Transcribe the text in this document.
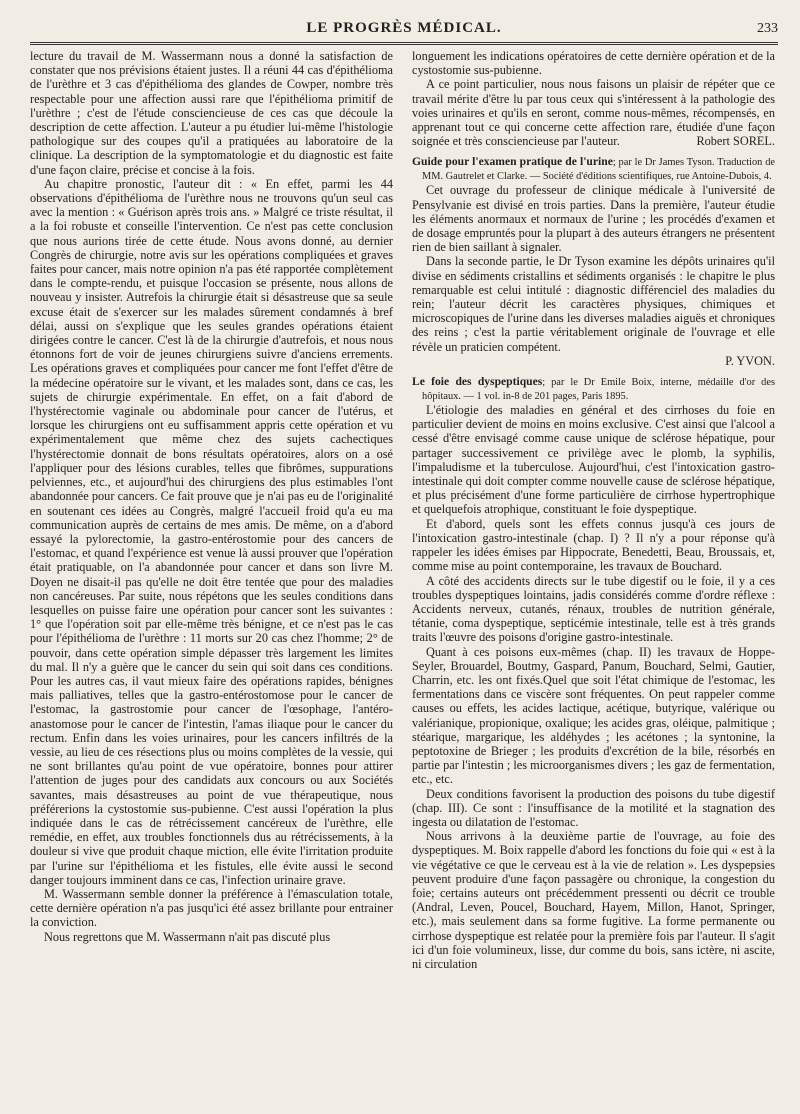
LE PROGRÈS MÉDICAL.	233

lecture du travail de M. Wassermann nous a donné la satisfaction de constater que nos prévisions étaient justes. Il a réuni 44 cas d'épithélioma de l'urèthre et 3 cas d'épithélioma des glandes de Cowper, nombre très respectable pour une affection aussi rare que l'épithélioma primitif de l'urèthre ; c'est de l'étude consciencieuse de ces cas que découle la description de cette affection. L'auteur a pu étudier lui-même l'histologie pathologique sur des coupes qu'il a pratiquées au laboratoire de la clinique. La description de la symptomatologie et du diagnostic est faite d'une façon claire, précise et concise à la fois.

Au chapitre pronostic, l'auteur dit : « En effet, parmi les 44 observations d'épithélioma de l'urèthre nous ne trouvons qu'un seul cas avec la mention : « Guérison après trois ans. » Malgré ce triste résultat, il a la foi robuste et conseille l'intervention. Ce n'est pas cette conclusion que nous aurions tirée de cette étude. Nous avons donné, au dernier Congrès de chirurgie, notre avis sur les opérations compliquées et graves faites pour cancer, mais notre opinion n'a pas été rapportée complètement dans le compte-rendu, et puisque l'occasion se présente, nous allons de nouveau y insister. Autrefois la chirurgie était si désastreuse que sa seule excuse était de s'exercer sur les malades sûrement condamnés à bref délai, aussi on s'explique que les seules grandes opérations étaient dirigées contre le cancer. C'est là de la chirurgie d'autrefois, et nous nous étonnons fort de voir de jeunes chirurgiens suivre d'anciens errements. Les opérations graves et compliquées pour cancer me font l'effet d'être de la médecine opératoire sur le vivant, et les malades sont, dans ce cas, les sujets de chirurgie expérimentale. En effet, on a fait d'abord de l'hystérectomie vaginale ou abdominale pour cancer de l'utérus, et lorsque les chirurgiens ont eu suffisamment appris cette opération et vu expérimentalement que même chez des sujets cachectiques l'hystérectomie donnait de bons résultats opératoires, alors on a osé l'appliquer pour des lésions curables, telles que fibrômes, suppurations pelviennes, etc., et aujourd'hui des chirurgiens des plus estimables l'ont abandonnée pour cancers. Ce fait prouve que je n'ai pas eu de l'originalité en soutenant ces idées au Congrès, malgré l'accueil froid qu'a eu ma communication auprès de certains de mes amis. De même, on a d'abord essayé la pylorectomie, la gastro-entérostomie pour des cancers de l'estomac, et quand l'expérience est venue là aussi prouver que l'opération était pratiquable, on l'a abandonnée pour cancer et dans son livre M. Doyen ne disait-il pas qu'elle ne doit être tentée que pour des maladies non cancéreuses. Par suite, nous répétons que les seules conditions dans lesquelles on puisse faire une opération pour cancer sont les suivantes : 1° que l'opération soit par elle-même très bénigne, et ce n'est pas le cas pour l'épithélioma de l'urèthre : 11 morts sur 20 cas chez l'homme; 2° de pouvoir, dans cette opération simple dépasser très largement les limites du mal. Il n'y a guère que le cancer du sein qui soit dans ces conditions. Pour les autres cas, il vaut mieux faire des opérations rapides, bénignes mais palliatives, telles que la gastro-entérostomose pour le cancer de l'estomac, la gastrostomie pour cancer de l'œsophage, l'antéro-anastomose pour le cancer de l'intestin, l'amas iliaque pour le cancer du rectum. Enfin dans les voies urinaires, pour les cancers infiltrés de la vessie, au lieu de ces résections plus ou moins complètes de la vessie, qui ne sont brillantes qu'au point de vue opératoire, bonnes pour attirer l'attention de juges pour des candidats aux concours ou aux Sociétés savantes, mais désastreuses au point de vue thérapeutique, nous préférerions la cystostomie sus-pubienne. C'est aussi l'opération la plus indiquée dans le cas de rétrécissement cancéreux de l'urèthre, elle remédie, en effet, aux troubles fonctionnels dus au rétrécissements, à la douleur si vive que produit chaque miction, elle évite l'irritation produite par l'urine sur l'épithélioma et les fistules, elle évite aussi le second danger toujours imminent dans ce cas, l'infection urinaire grave.

M. Wassermann semble donner la préférence à l'émasculation totale, cette dernière opération n'a pas jusqu'ici été assez brillante pour entrainer la conviction.

Nous regrettons que M. Wassermann n'ait pas discuté plus

longuement les indications opératoires de cette dernière opération et de la cystostomie sus-pubienne.

A ce point particulier, nous nous faisons un plaisir de répéter que ce travail mérite d'être lu par tous ceux qui s'intéressent à la pathologie des voies urinaires et qu'ils en seront, comme nous-mêmes, récompensés, en apprenant tout ce qui concerne cette affection rare, étudiée d'une façon soignée et très consciencieuse par l'auteur.	Robert SOREL.

Guide pour l'examen pratique de l'urine; par le Dr James Tyson. Traduction de MM. Gautrelet et Clarke. — Société d'éditions scientifiques, rue Antoine-Dubois, 4.

Cet ouvrage du professeur de clinique médicale à l'université de Pensylvanie est divisé en trois parties. Dans la première, l'auteur étudie les éléments anormaux et normaux de l'urine ; les procédés d'examen et de dosage empruntés pour la plupart à des auteurs étrangers ne présentent rien de bien saillant à signaler.

Dans la seconde partie, le Dr Tyson examine les dépôts urinaires qu'il divise en sédiments cristallins et sédiments organisés : le chapitre le plus remarquable est celui intitulé : diagnostic différenciel des maladies du rein; l'auteur décrit les caractères physiques, chimiques et microscopiques de l'urine dans les diverses maladies aiguës et chroniques des reins ; c'est la partie véritablement originale de l'ouvrage et elle révèle un praticien compétent.

P. YVON.

Le foie des dyspeptiques; par le Dr Emile Boix, interne, médaille d'or des hôpitaux. — 1 vol. in-8 de 201 pages, Paris 1895.

L'étiologie des maladies en général et des cirrhoses du foie en particulier devient de moins en moins exclusive. C'est ainsi que l'alcool a cessé d'être envisagé comme cause unique de sclérose hépatique, pour partager successivement ce privilège avec le plomb, la syphilis, l'impaludisme et la tuberculose. Aujourd'hui, c'est l'intoxication gastro-intestinale qui doit compter comme nouvelle cause de sclérose hépatique, et plus précisément d'une forme particulière de cirrhose hypertrophique et quelquefois atrophique, constituant le foie dyspeptique.

Et d'abord, quels sont les effets connus jusqu'à ces jours de l'intoxication gastro-intestinale (chap. I) ? Il n'y a pour réponse qu'à rappeler les idées émises par Hippocrate, Benedetti, Beau, Broussais, et, comme mise au point contemporaine, les travaux de Bouchard.

A côté des accidents directs sur le tube digestif ou le foie, il y a ces troubles dyspeptiques lointains, jadis considérés comme d'ordre réflexe : Accidents nerveux, cutanés, rénaux, troubles de nutrition générale, tétanie, coma dyspeptique, septicémie intestinale, telle est à très grands traits l'œuvre des poisons d'origine gastro-intestinale.

Quant à ces poisons eux-mêmes (chap. II) les travaux de Hoppe-Seyler, Brouardel, Boutmy, Gaspard, Panum, Bouchard, Selmi, Gautier, Charrin, etc. les ont fixés.Quel que soit l'état chimique de l'estomac, les fermentations dans ce viscère sont fréquentes. On peut rappeler comme causes ou effets, les acides lactique, acétique, butyrique, valérique ou valérianique, propionique, oxalique; les acides gras, oléique, palmitique ; stéarique, margarique, les aldéhydes ; les acétones ; la syntonine, la peptotoxine de Brieger ; les produits d'excrétion de la bile, résorbés en partie par l'intestin ; les microorganismes divers ; les gaz de fermentation, etc., etc.

Deux conditions favorisent la production des poisons du tube digestif (chap. III). Ce sont : l'insuffisance de la motilité et la stagnation des ingesta ou dilatation de l'estomac.

Nous arrivons à la deuxième partie de l'ouvrage, au foie des dyspeptiques. M. Boix rappelle d'abord les fonctions du foie qui « est à la vie végétative ce que le cerveau est à la vie de relation ». Les dyspepsies peuvent produire d'une façon passagère ou chronique, la congestion du foie; certains auteurs ont précédemment pressenti ou décrit ce trouble (Andral, Leven, Poucel, Bouchard, Hayem, Millon, Hanot, Springer, etc.), mais seulement dans sa forme fugitive. La forme permanente ou cirrhose dyspeptique est relatée pour la première fois par l'auteur. Il s'agit ici d'un foie volumineux, lisse, dur comme du bois, sans ictère, ni ascite, ni circulation
